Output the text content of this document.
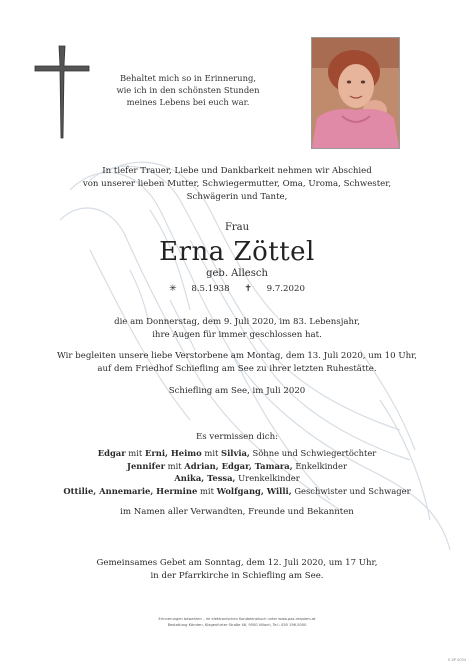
Behaltet mich so in Erinnerung,
wie ich in den schönsten Stunden
meines Lebens bei euch war.
In tiefer Trauer, Liebe und Dankbarkeit nehmen wir Abschied
von unserer lieben Mutter, Schwiegermutter, Oma, Uroma, Schwester,
Schwägerin und Tante,
Frau
Erna Zöttel
geb. Allesch
✳ 8.5.1938 ✝ 9.7.2020
die am Donnerstag, dem 9. Juli 2020, im 83. Lebensjahr,
ihre Augen für immer geschlossen hat.
Wir begleiten unsere liebe Verstorbene am Montag, dem 13. Juli 2020, um 10 Uhr,
auf dem Friedhof Schiefling am See zu ihrer letzten Ruhestätte.
Schiefling am See, im Juli 2020
Es vermissen dich:
Edgar mit Erni, Heimo mit Silvia, Söhne und Schwiegertöchter
Jennifer mit Adrian, Edgar, Tamara, Enkelkinder
Anika, Tessa, Urenkelkinder
Ottilie, Annemarie, Hermine mit Wolfgang, Willi, Geschwister und Schwager
im Namen aller Verwandten, Freunde und Bekannten
Gemeinsames Gebet am Sonntag, dem 12. Juli 2020, um 17 Uhr,
in der Pfarrkirche in Schiefling am See.
Erinnerungen bewahren – im elektronischen Kondolenzbuch unter www.pax-requiem.at
Bestattung Kärnten, Klagenfurter Straße 46, 9500 Villach, Tel.: 050 196-5000
E-SP 0034
